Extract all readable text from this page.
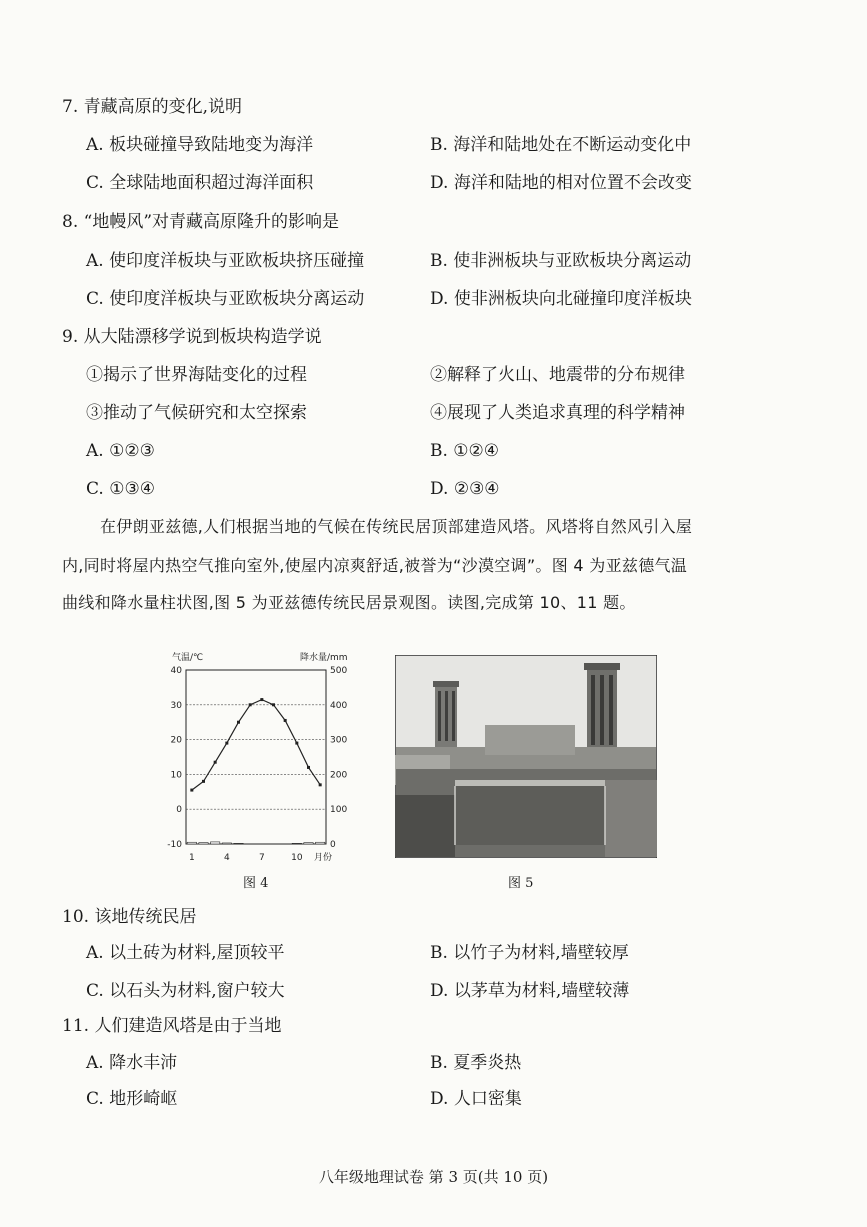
7. 青藏高原的变化,说明
A. 板块碰撞导致陆地变为海洋	B. 海洋和陆地处在不断运动变化中
C. 全球陆地面积超过海洋面积	D. 海洋和陆地的相对位置不会改变
8. “地幔风”对青藏高原隆升的影响是
A. 使印度洋板块与亚欧板块挤压碰撞	B. 使非洲板块与亚欧板块分离运动
C. 使印度洋板块与亚欧板块分离运动	D. 使非洲板块向北碰撞印度洋板块
9. 从大陆漂移学说到板块构造学说
①揭示了世界海陆变化的过程	②解释了火山、地震带的分布规律
③推动了气候研究和太空探索	④展现了人类追求真理的科学精神
A. ①②③	B. ①②④
C. ①③④	D. ②③④
在伊朗亚兹德,人们根据当地的气候在传统民居顶部建造风塔。风塔将自然风引入屋
内,同时将屋内热空气推向室外,使屋内凉爽舒适,被誉为“沙漠空调”。图 4 为亚兹德气温
曲线和降水量柱状图,图 5 为亚兹德传统民居景观图。读图,完成第 10、11 题。
气温/℃	降水量/mm
40
30
20
10
0
-10
500
400
300
200
100
0
1	4	7	10 月份
图 4	图 5
10. 该地传统民居
A. 以土砖为材料,屋顶较平	B. 以竹子为材料,墙壁较厚
C. 以石头为材料,窗户较大	D. 以茅草为材料,墙壁较薄
11. 人们建造风塔是由于当地
A. 降水丰沛	B. 夏季炎热
C. 地形崎岖	D. 人口密集
八年级地理试卷 第 3 页(共 10 页)
